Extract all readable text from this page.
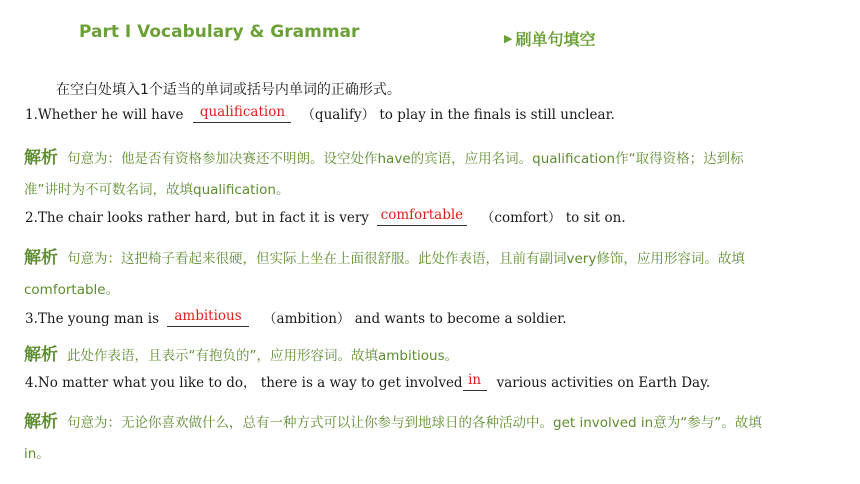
Part Ⅰ Vocabulary & Grammar	▶ 刷单句填空
在空白处填入1个适当的单词或括号内单词的正确形式。
1.Whether he will have	qualification	（qualify） to play in the finals is still unclear.
解析 句意为：他是否有资格参加决赛还不明朗。设空处作have的宾语，应用名词。qualification作“取得资格；达到标准”讲时为不可数名词，故填qualification。
2.The chair looks rather hard, but in fact it is very comfortable （comfort） to sit on.
解析 句意为：这把椅子看起来很硬，但实际上坐在上面很舒服。此处作表语，且前有副词very修饰，应用形容词。故填comfortable。
3.The young man is	ambitious	（ambition） and wants to become a soldier.
解析 此处作表语，且表示“有抱负的”，应用形容词。故填ambitious。
4.No matter what you like to do， there is a way to get involved in	various activities on Earth Day.
解析 句意为：无论你喜欢做什么，总有一种方式可以让你参与到地球日的各种活动中。get involved in意为“参与”。故填in。
